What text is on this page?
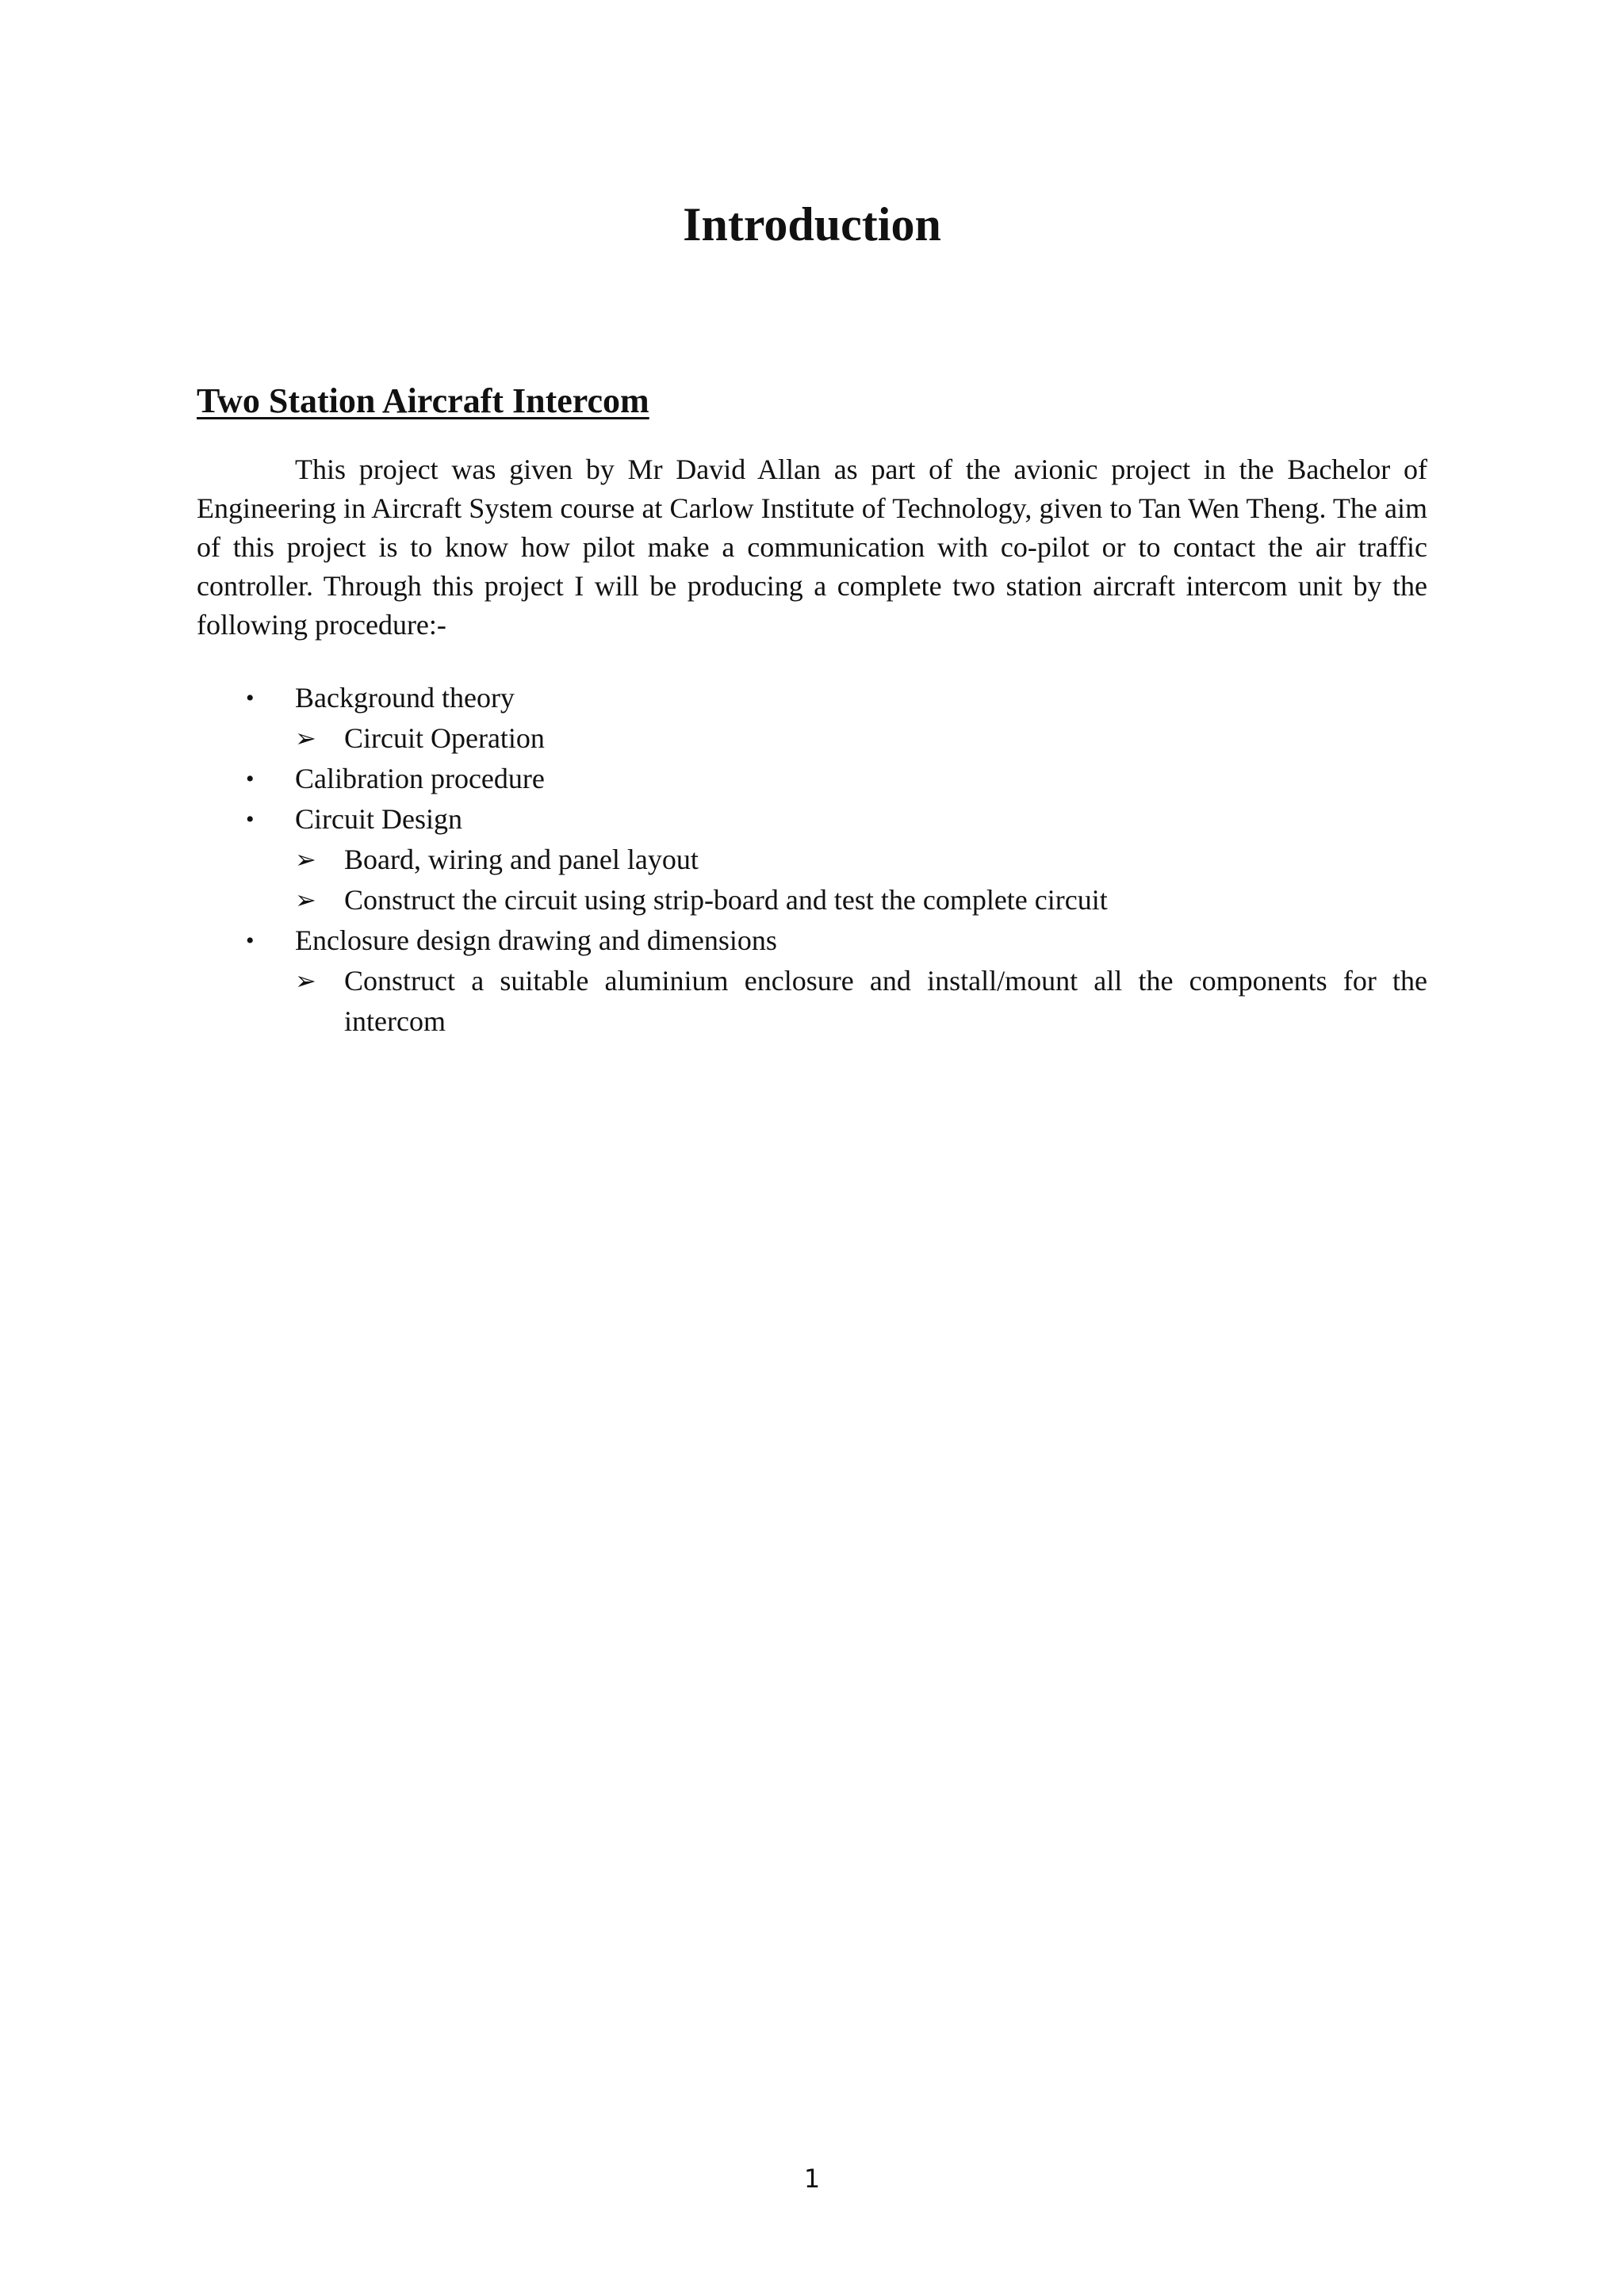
Introduction
Two Station Aircraft Intercom

This project was given by Mr David Allan as part of the avionic project in the Bachelor of Engineering in Aircraft System course at Carlow Institute of Technology, given to Tan Wen Theng. The aim of this project is to know how pilot make a communication with co-pilot or to contact the air traffic controller. Through this project I will be producing a complete two station aircraft intercom unit by the following procedure:-

• Background theory
➢ Circuit Operation
• Calibration procedure
• Circuit Design
➢ Board, wiring and panel layout
➢ Construct the circuit using strip-board and test the complete circuit
• Enclosure design drawing and dimensions
➢ Construct a suitable aluminium enclosure and install/mount all the components for the intercom

1
